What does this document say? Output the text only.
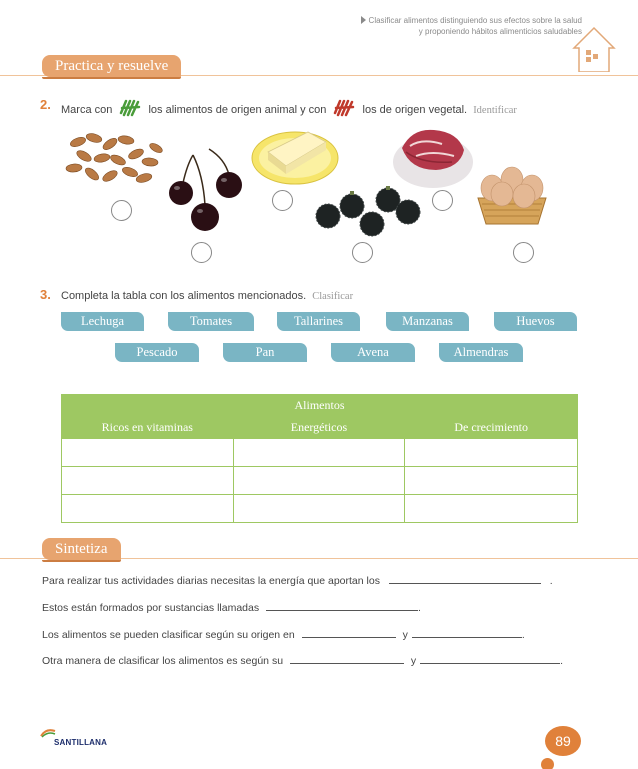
Clasificar alimentos distinguiendo sus efectos sobre la salud
y proponiendo hábitos alimenticios saludables
Practica y resuelve
2. Marca con	los alimentos de origen animal y con	los de origen vegetal. Identificar
3. Completa la tabla con los alimentos mencionados. Clasificar
Lechuga	Tomates	Tallarines	Manzanas	Huevos
Pescado	Pan	Avena	Almendras
Alimentos		
Ricos en vitaminas	Energéticos	De crecimiento

Sintetiza
Para realizar tus actividades diarias necesitas la energía que aportan los	.
Estos están formados por sustancias llamadas	.
Los alimentos se pueden clasificar según su origen en	y	.
Otra manera de clasificar los alimentos es según su	y	.
SANTILLANA	89
